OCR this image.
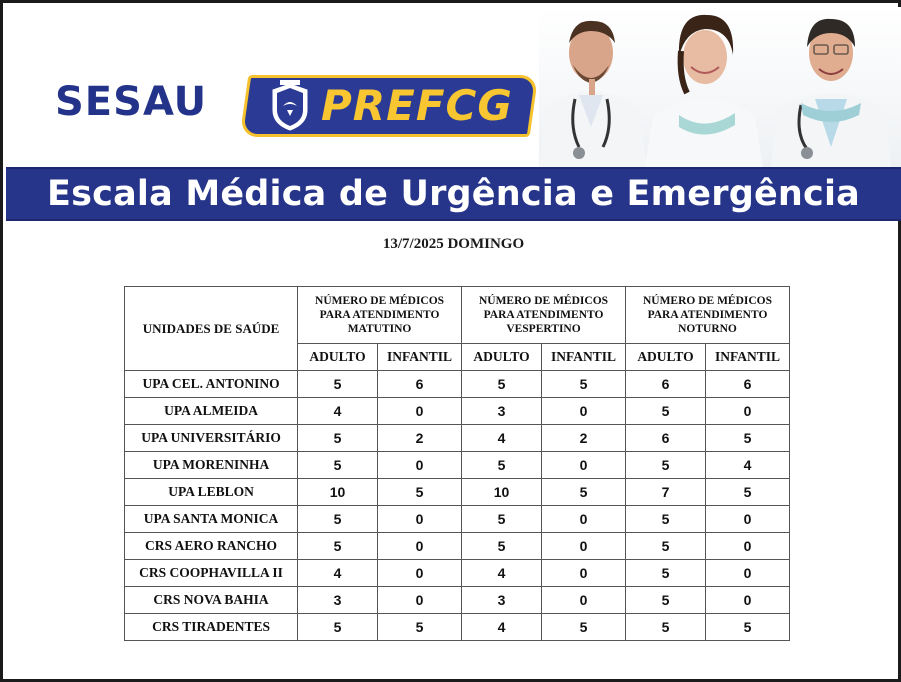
SESAU	PREFCG
Escala Médica de Urgência e Emergência
13/7/2025 DOMINGO
UNIDADES DE SAÚDE	NÚMERO DE MÉDICOS
PARA ATENDIMENTO
MATUTINO		NÚMERO DE MÉDICOS
PARA ATENDIMENTO
VESPERTINO		NÚMERO DE MÉDICOS
PARA ATENDIMENTO
NOTURNO	
	ADULTO	INFANTIL	ADULTO	INFANTIL	ADULTO	INFANTIL
UPA CEL. ANTONINO	5	6	5	5	6	6
UPA ALMEIDA	4	0	3	0	5	0
UPA UNIVERSITÁRIO	5	2	4	2	6	5
UPA MORENINHA	5	0	5	0	5	4
UPA LEBLON	10	5	10	5	7	5
UPA SANTA MONICA	5	0	5	0	5	0
CRS AERO RANCHO	5	0	5	0	5	0
CRS COOPHAVILLA II	4	0	4	0	5	0
CRS NOVA BAHIA	3	0	3	0	5	0
CRS TIRADENTES	5	5	4	5	5	5
